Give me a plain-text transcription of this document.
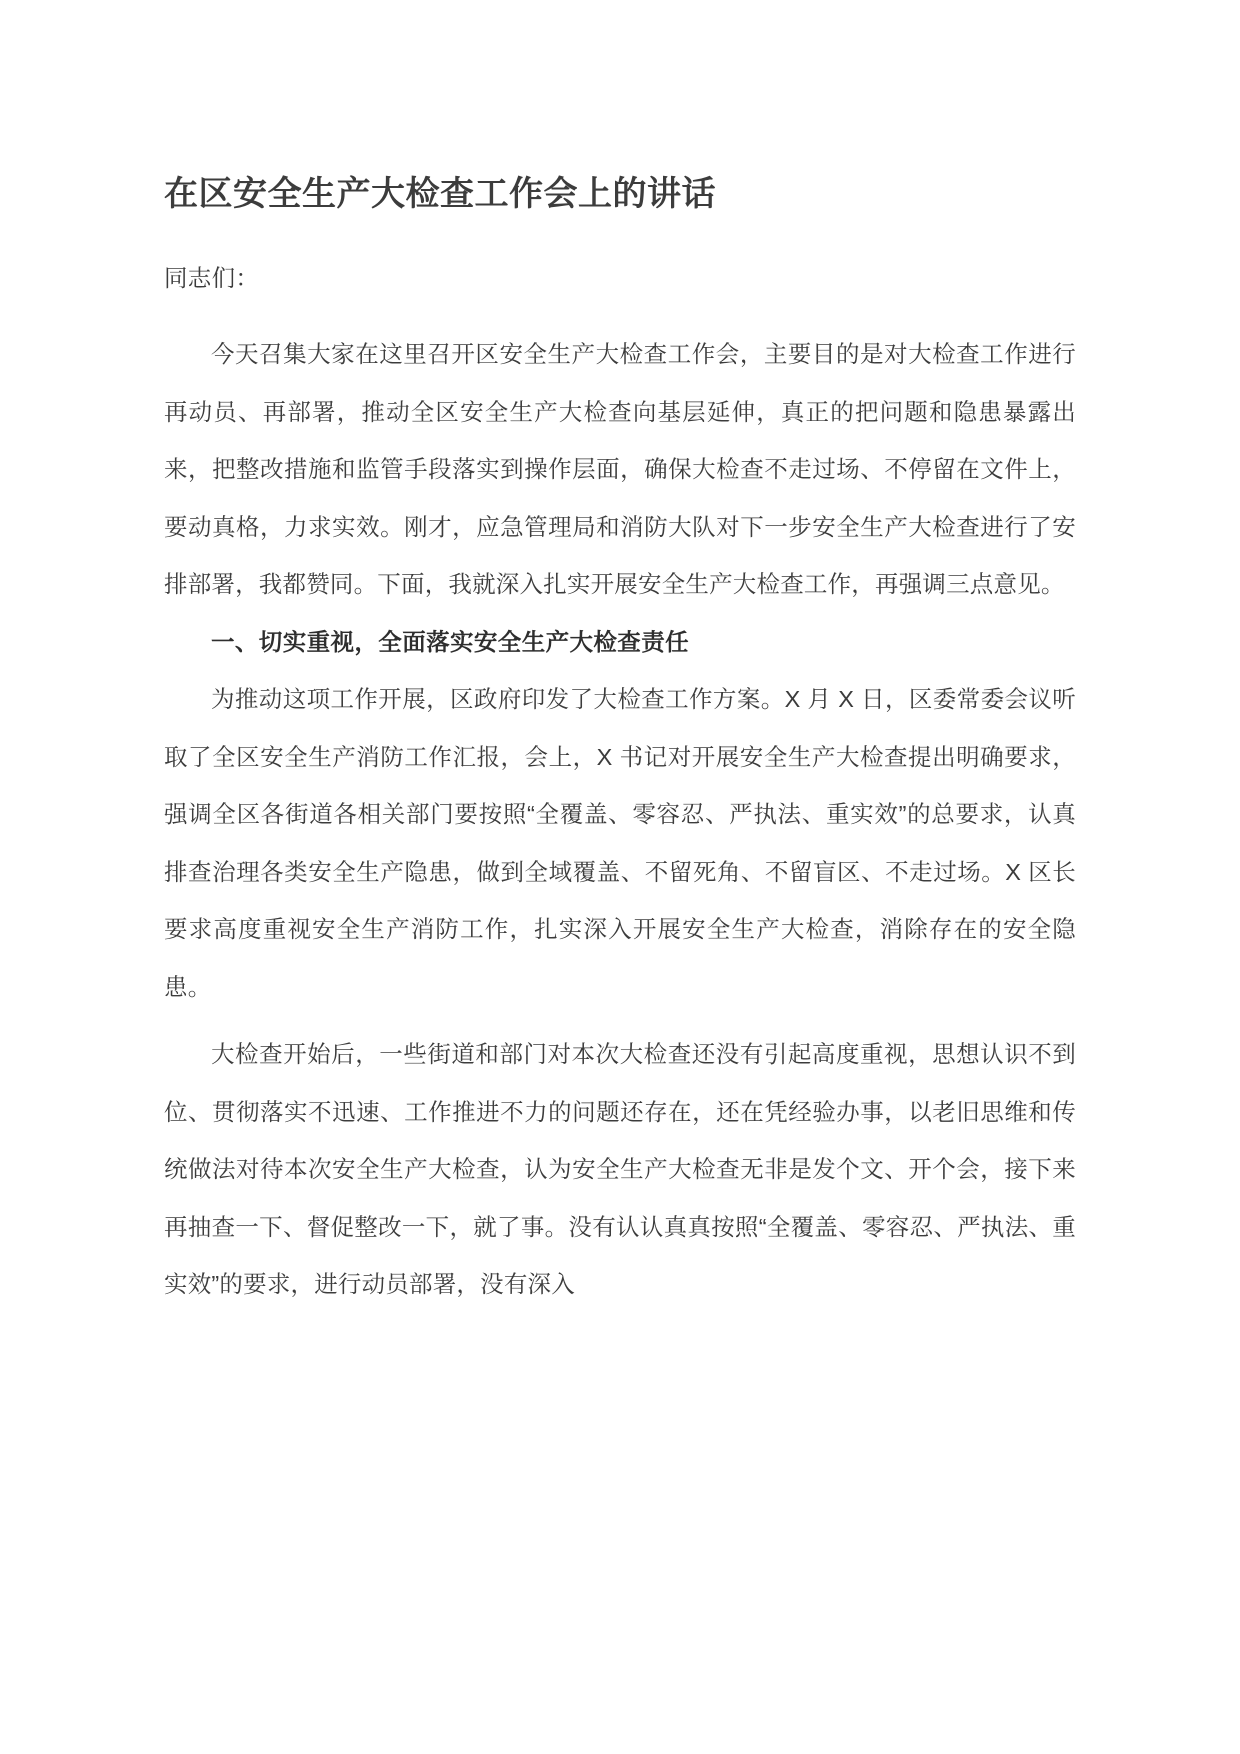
在区安全生产大检查工作会上的讲话

同志们：

今天召集大家在这里召开区安全生产大检查工作会，主要目的是对大检查工作进行再动员、再部署，推动全区安全生产大检查向基层延伸，真正的把问题和隐患暴露出来，把整改措施和监管手段落实到操作层面，确保大检查不走过场、不停留在文件上，要动真格，力求实效。刚才，应急管理局和消防大队对下一步安全生产大检查进行了安排部署，我都赞同。下面，我就深入扎实开展安全生产大检查工作，再强调三点意见。

一、切实重视，全面落实安全生产大检查责任

为推动这项工作开展，区政府印发了大检查工作方案。X 月 X 日，区委常委会议听取了全区安全生产消防工作汇报，会上，X 书记对开展安全生产大检查提出明确要求，强调全区各街道各相关部门要按照“全覆盖、零容忍、严执法、重实效”的总要求，认真排查治理各类安全生产隐患，做到全域覆盖、不留死角、不留盲区、不走过场。X 区长要求高度重视安全生产消防工作，扎实深入开展安全生产大检查，消除存在的安全隐患。

大检查开始后，一些街道和部门对本次大检查还没有引起高度重视，思想认识不到位、贯彻落实不迅速、工作推进不力的问题还存在，还在凭经验办事，以老旧思维和传统做法对待本次安全生产大检查，认为安全生产大检查无非是发个文、开个会，接下来再抽查一下、督促整改一下，就了事。没有认认真真按照“全覆盖、零容忍、严执法、重实效”的要求，进行动员部署，没有深入
